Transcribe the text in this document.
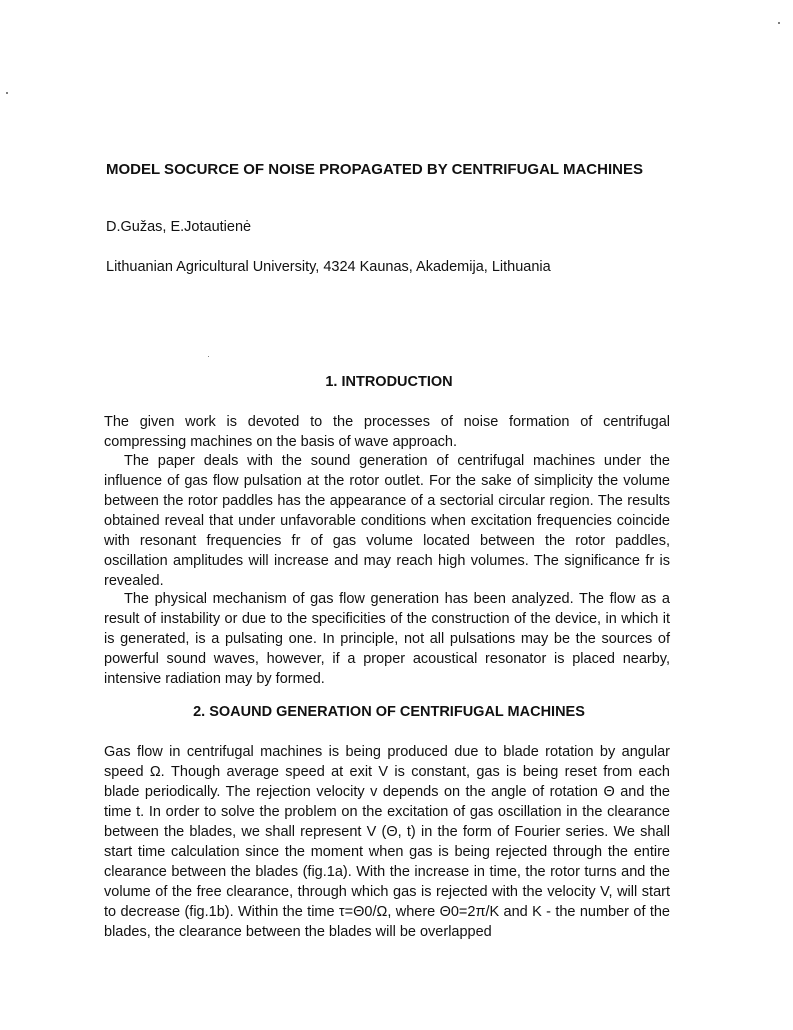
MODEL SOCURCE OF NOISE PROPAGATED BY CENTRIFUGAL MACHINES

D.Gužas, E.Jotautienė

Lithuanian Agricultural University, 4324 Kaunas, Akademija, Lithuania

1. INTRODUCTION

The given work is devoted to the processes of noise formation of centrifugal compressing machines on the basis of wave approach.

The paper deals with the sound generation of centrifugal machines under the influence of gas flow pulsation at the rotor outlet. For the sake of simplicity the volume between the rotor paddles has the appearance of a sectorial circular region. The results obtained reveal that under unfavorable conditions when excitation frequencies coincide with resonant frequencies fr of gas volume located between the rotor paddles, oscillation amplitudes will increase and may reach high volumes. The significance fr is revealed.

The physical mechanism of gas flow generation has been analyzed. The flow as a result of instability or due to the specificities of the construction of the device, in which it is generated, is a pulsating one. In principle, not all pulsations may be the sources of powerful sound waves, however, if a proper acoustical resonator is placed nearby, intensive radiation may by formed.

2. SOAUND GENERATION OF CENTRIFUGAL MACHINES

Gas flow in centrifugal machines is being produced due to blade rotation by angular speed Ω. Though average speed at exit V is constant, gas is being reset from each blade periodically. The rejection velocity v depends on the angle of rotation Θ and the time t. In order to solve the problem on the excitation of gas oscillation in the clearance between the blades, we shall represent V (Θ, t) in the form of Fourier series. We shall start time calculation since the moment when gas is being rejected through the entire clearance between the blades (fig.1a). With the increase in time, the rotor turns and the volume of the free clearance, through which gas is rejected with the velocity V, will start to decrease (fig.1b). Within the time τ=Θ0/Ω, where Θ0=2π/K and K - the number of the blades, the clearance between the blades will be overlapped
